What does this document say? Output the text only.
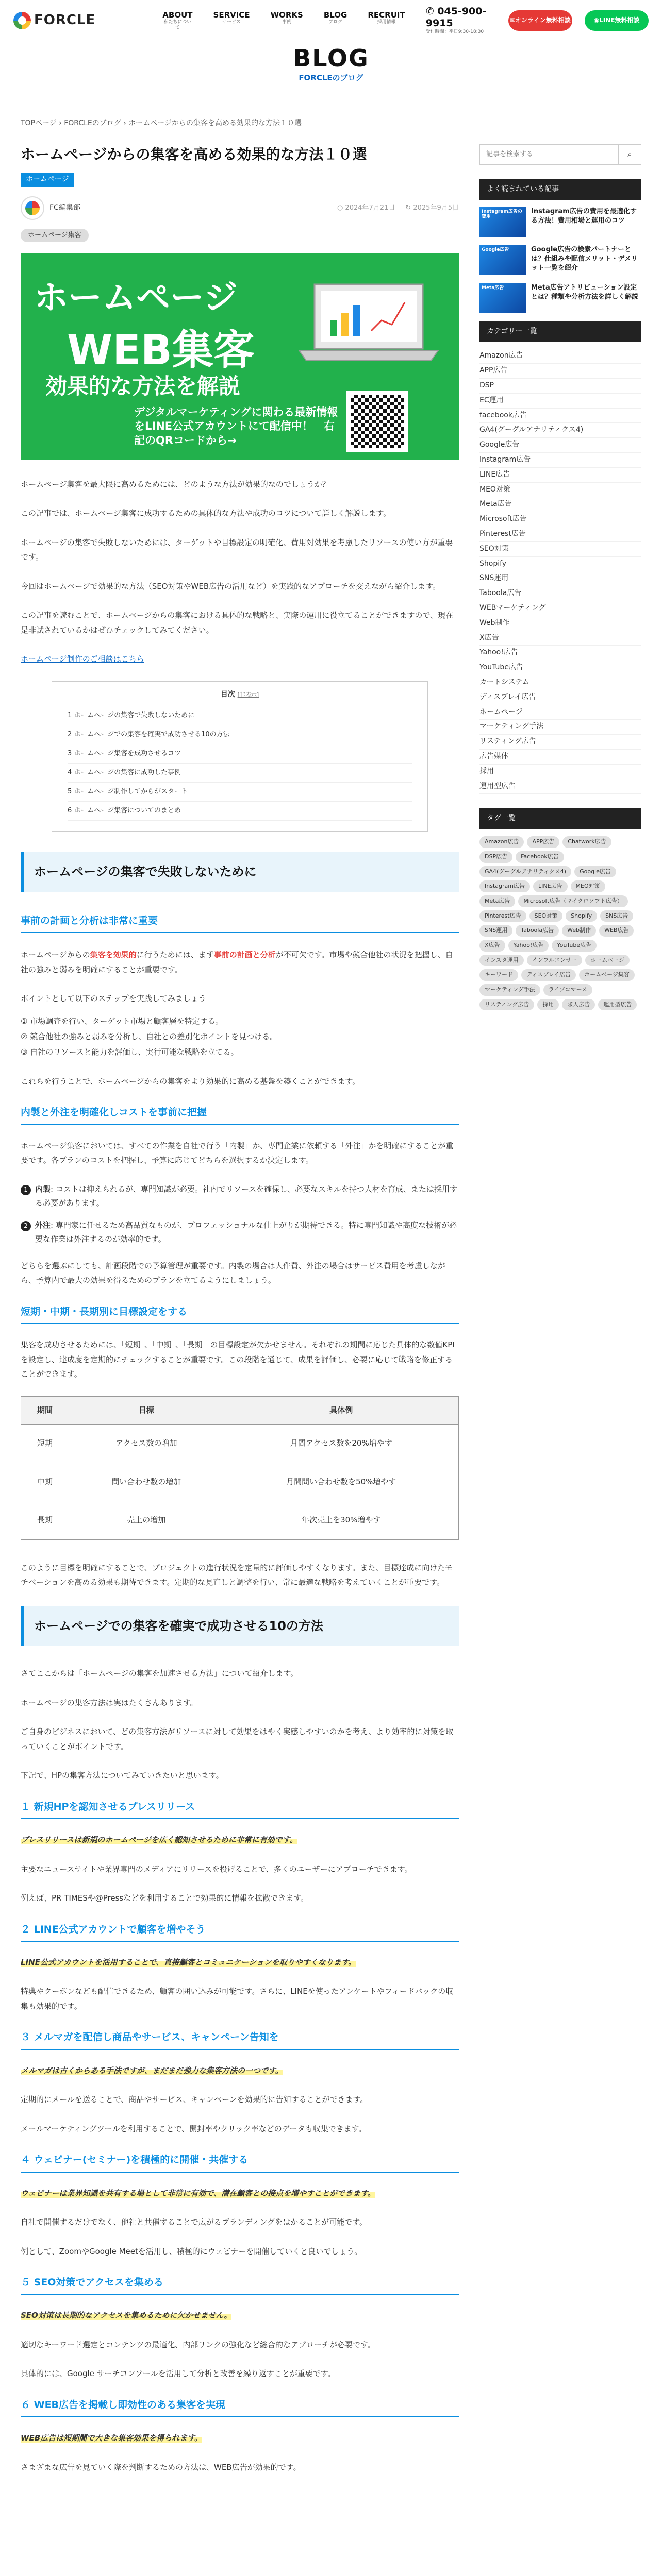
FORCLE	ABOUT
私たちについて
SERVICE
サービス
WORKS
事例
BLOG
ブログ
RECRUIT
採用情報
✆ 045-900-9915
受付時間：平日9:30-18:30
✉ オンライン無料相談	◉ LINE無料相談
BLOG
FORCLEのブログ
TOPページ › FORCLEのブログ › ホームページからの集客を高める効果的な方法１０選
ホームページからの集客を高める効果的な方法１０選
ホームページ
FC編集部	◷ 2024年7月21日 ↻ 2025年9月5日
ホームページ集客
ホームページ
WEB集客
効果的な方法を解説
デジタルマーケティングに関わる最新情報をLINE公式アカウントにて配信中！　右記のQRコードから→

ホームページ集客を最大限に高めるためには、どのような方法が効果的なのでしょうか？

この記事では、ホームページ集客に成功するための具体的な方法や成功のコツについて詳しく解説します。

ホームページの集客で失敗しないためには、ターゲットや目標設定の明確化、費用対効果を考慮したリソースの使い方が重要です。

今回はホームページで効果的な方法（SEO対策やWEB広告の活用など）を実践的なアプローチを交えながら紹介します。

この記事を読むことで、ホームページからの集客における具体的な戦略と、実際の運用に役立てることができますので、現在是非試されているかはぜひチェックしてみてください。

ホームページ制作のご相談はこちら

目次 [非表示]
1 ホームページの集客で失敗しないために
2 ホームページでの集客を確実で成功させる10の方法
3 ホームページ集客を成功させるコツ
4 ホームページの集客に成功した事例
5 ホームページ制作してからがスタート
6 ホームページ集客についてのまとめ
ホームページの集客で失敗しないために
事前の計画と分析は非常に重要

ホームページからの集客を効果的に行うためには、まず事前の計画と分析が不可欠です。市場や競合他社の状況を把握し、自社の強みと弱みを明確にすることが重要です。

ポイントとして以下のステップを実践してみましょう

① 市場調査を行い、ターゲット市場と顧客層を特定する。
② 競合他社の強みと弱みを分析し、自社との差別化ポイントを見つける。
③ 自社のリソースと能力を評価し、実行可能な戦略を立てる。

これらを行うことで、ホームページからの集客をより効果的に高める基盤を築くことができます。

内製と外注を明確化しコストを事前に把握

ホームページ集客においては、すべての作業を自社で行う「内製」か、専門企業に依頼する「外注」かを明確にすることが重要です。各プランのコストを把握し、予算に応じてどちらを選択するか決定します。

1 内製: コストは抑えられるが、専門知識が必要。社内でリソースを確保し、必要なスキルを持つ人材を育成、または採用する必要があります。
2 外注: 専門家に任せるため高品質なものが、プロフェッショナルな仕上がりが期待できる。特に専門知識や高度な技術が必要な作業は外注するのが効率的です。

どちらを選ぶにしても、計画段階での予算管理が重要です。内製の場合は人件費、外注の場合はサービス費用を考慮しながら、予算内で最大の効果を得るためのプランを立てるようにしましょう。

短期・中期・長期別に目標設定をする

集客を成功させるためには、「短期」、「中期」、「長期」の目標設定が欠かせません。それぞれの期間に応じた具体的な数値KPIを設定し、達成度を定期的にチェックすることが重要です。この段階を通じて、成果を評価し、必要に応じて戦略を修正することができます。

期間	目標	具体例
短期	アクセス数の増加	月間アクセス数を20%増やす
中期	問い合わせ数の増加	月間問い合わせ数を50%増やす
長期	売上の増加	年次売上を30%増やす

このように目標を明確にすることで、プロジェクトの進行状況を定量的に評価しやすくなります。また、目標達成に向けたモチベーションを高める効果も期待できます。定期的な見直しと調整を行い、常に最適な戦略を考えていくことが重要です。

ホームページでの集客を確実で成功させる10の方法

さてここからは「ホームページの集客を加速させる方法」について紹介します。

ホームページの集客方法は実はたくさんあります。

ご自身のビジネスにおいて、どの集客方法がリソースに対して効果をはやく実感しやすいのかを考え、より効率的に対策を取っていくことがポイントです。

下記で、HPの集客方法についてみていきたいと思います。

１ 新規HPを認知させるプレスリリース

プレスリリースは新規のホームページを広く認知させるために非常に有効です。

主要なニュースサイトや業界専門のメディアにリリースを投げることで、多くのユーザーにアプローチできます。

例えば、PR TIMESや@Pressなどを利用することで効果的に情報を拡散できます。

２ LINE公式アカウントで顧客を増やそう

LINE公式アカウントを活用することで、直接顧客とコミュニケーションを取りやすくなります。

特典やクーポンなども配信できるため、顧客の囲い込みが可能です。さらに、LINEを使ったアンケートやフィードバックの収集も効果的です。

３ メルマガを配信し商品やサービス、キャンペーン告知を

メルマガは古くからある手法ですが、まだまだ強力な集客方法の一つです。

定期的にメールを送ることで、商品やサービス、キャンペーンを効果的に告知することができます。

メールマーケティングツールを利用することで、開封率やクリック率などのデータも収集できます。

４ ウェビナー(セミナー)を積極的に開催・共催する

ウェビナーは業界知識を共有する場として非常に有効で、潜在顧客との接点を増やすことができます。

自社で開催するだけでなく、他社と共催することで広がるブランディングをはかることが可能です。

例として、ZoomやGoogle Meetを活用し、積極的にウェビナーを開催していくと良いでしょう。

５ SEO対策でアクセスを集める

SEO対策は長期的なアクセスを集めるために欠かせません。

適切なキーワード選定とコンテンツの最適化、内部リンクの強化など総合的なアプローチが必要です。

具体的には、Google サーチコンソールを活用して分析と改善を繰り返すことが重要です。

６ WEB広告を掲載し即効性のある集客を実現

WEB広告は短期間で大きな集客効果を得られます。

さまざまな広告を見ていく際を判断するための方法は、WEB広告が効果的です。

記事を検索する
⌕
よく読まれている記事
Instagram広告の費用
Instagram広告の費用を最適化する方法！費用相場と運用のコツ
Google広告	Google広告の検索パートナーとは？仕組みや配信メリット・デメリット一覧を紹介
Meta広告	Meta広告アトリビューション設定とは？種類や分析方法を詳しく解説
カテゴリー一覧
Amazon広告
APP広告
DSP
EC運用
facebook広告
GA4(グーグルアナリティクス4)
Google広告
Instagram広告
LINE広告
MEO対策
Meta広告
Microsoft広告
Pinterest広告
SEO対策
Shopify
SNS運用
Taboola広告
WEBマーケティング
Web制作
X広告
Yahoo!広告
YouTube広告
カートシステム
ディスプレイ広告
ホームページ
マーケティング手法
リスティング広告
広告媒体
採用
運用型広告
タグ一覧
Amazon広告	APP広告	Chatwork広告
DSP広告	Facebook広告
GA4(グーグルアナリティクス4)	Google広告
Instagram広告	LINE広告	MEO対策
Meta広告	Microsoft広告（マイクロソフト広告）
Pinterest広告	SEO対策	Shopify	SNS広告
SNS運用	Taboola広告	Web制作	WEB広告
X広告	Yahoo!広告	YouTube広告
インスタ運用	インフルエンサー	ホームページ
キーワード	ディスプレイ広告	ホームページ集客
マーケティング手法	ライブコマース
リスティング広告	採用	求人広告	運用型広告
